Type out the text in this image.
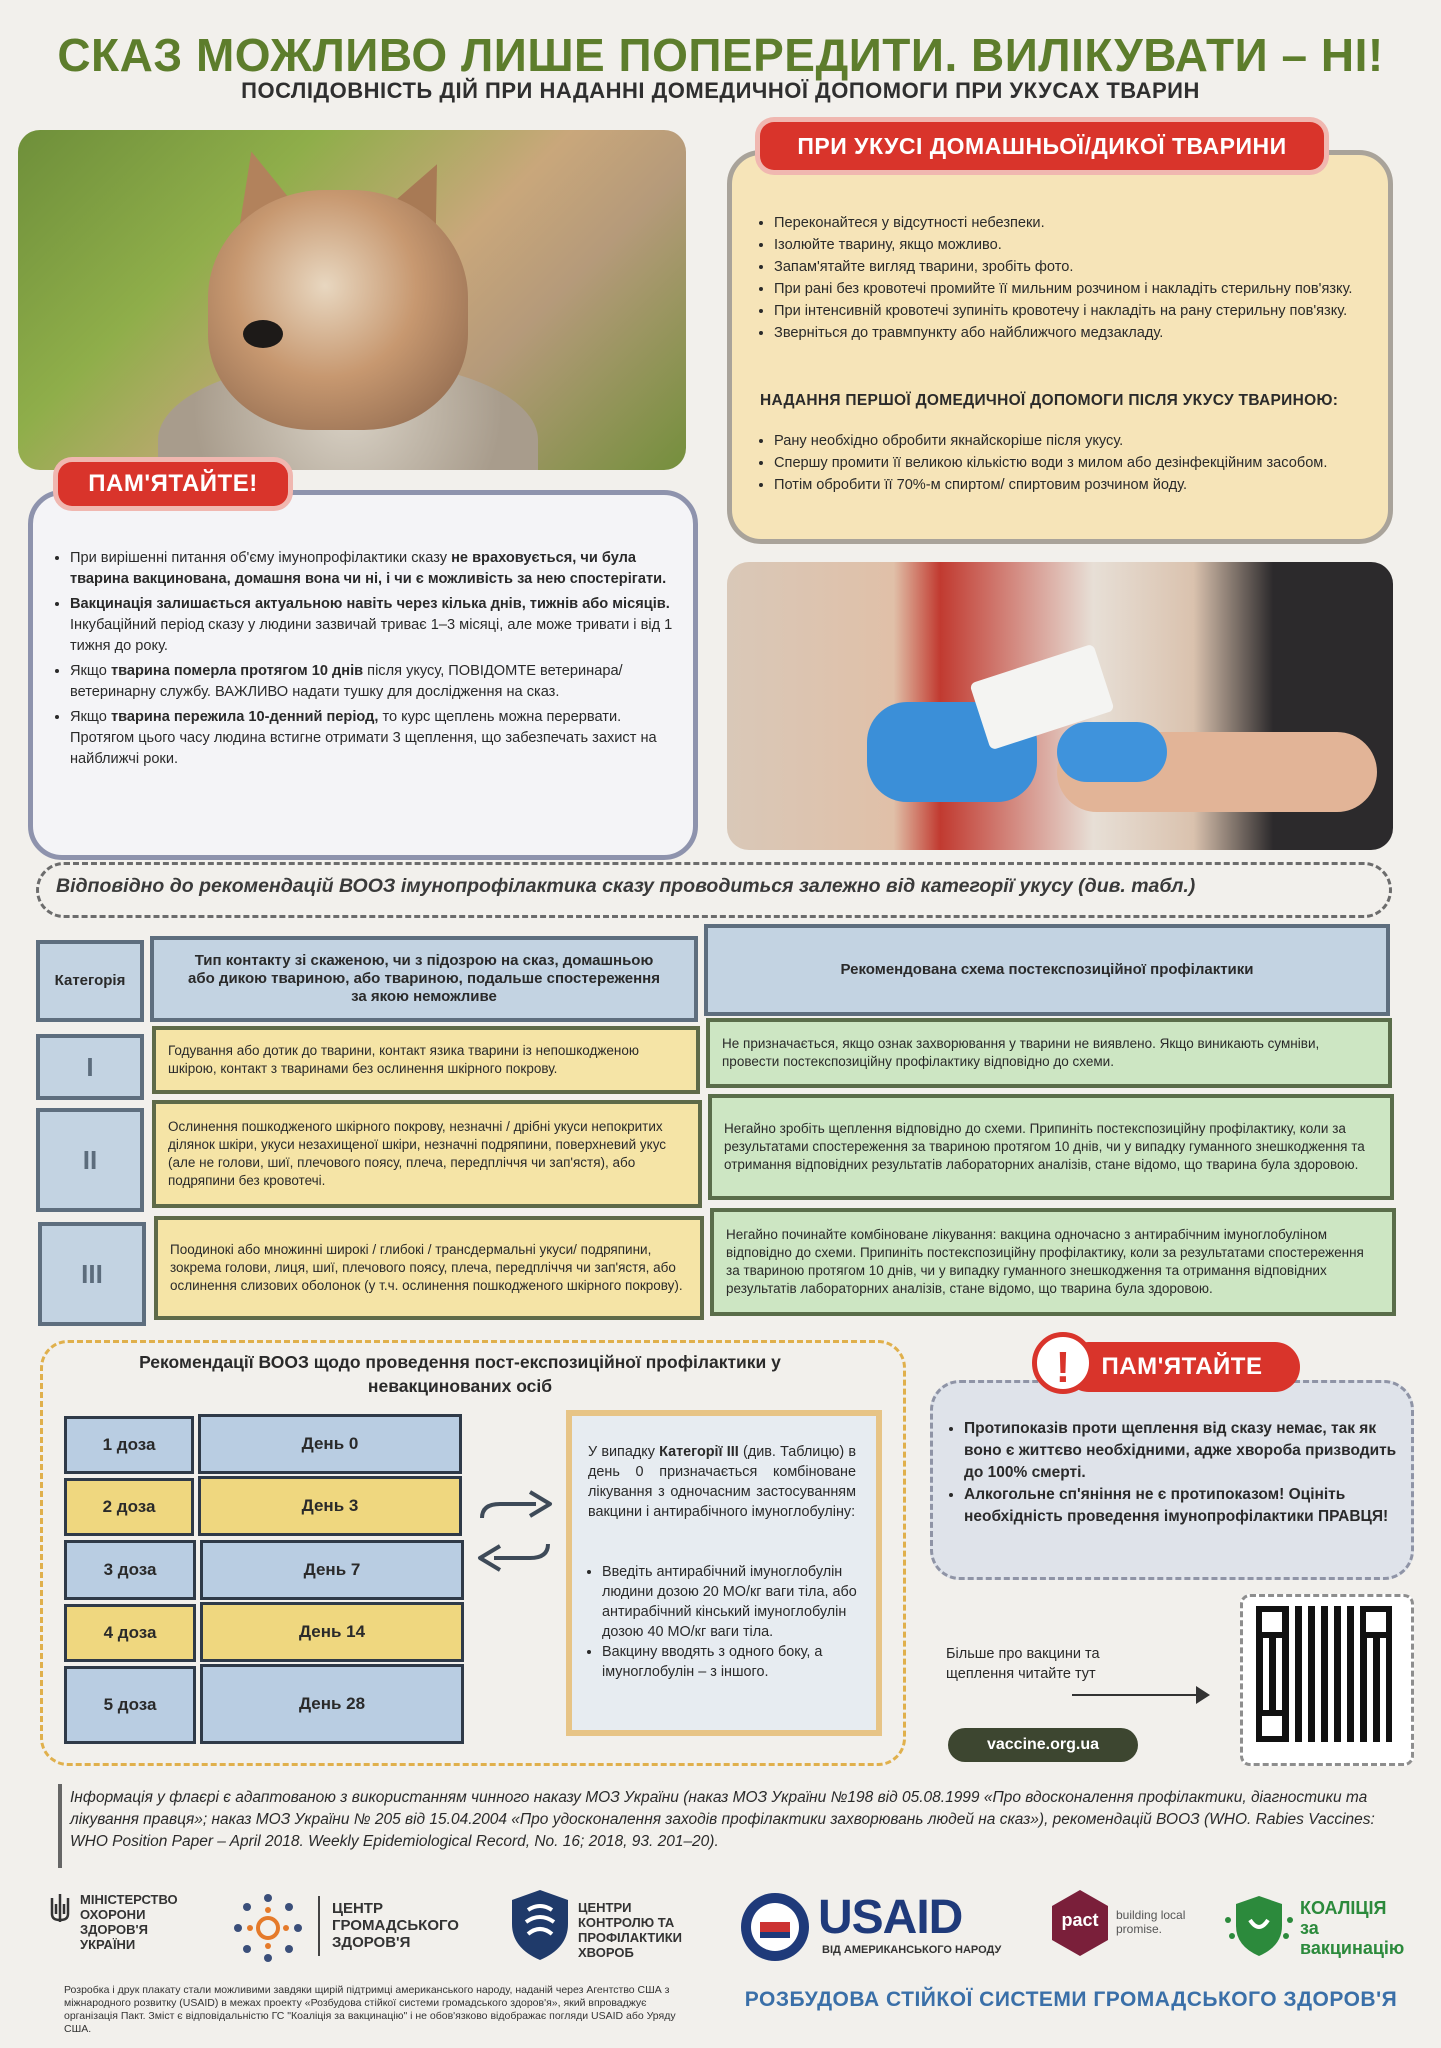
СКАЗ МОЖЛИВО ЛИШЕ ПОПЕРЕДИТИ. ВИЛІКУВАТИ – НІ!
ПОСЛІДОВНІСТЬ ДІЙ ПРИ НАДАННІ ДОМЕДИЧНОЇ ДОПОМОГИ ПРИ УКУСАХ ТВАРИН
ПРИ УКУСІ ДОМАШНЬОЇ/ДИКОЇ ТВАРИНИ
• Переконайтеся у відсутності небезпеки.
• Ізолюйте тварину, якщо можливо.
• Запам'ятайте вигляд тварини, зробіть фото.
• При рані без кровотечі промийте її мильним розчином і накладіть стерильну пов'язку.
• При інтенсивній кровотечі зупиніть кровотечу і накладіть на рану стерильну пов'язку.
• Зверніться до травмпункту або найближчого медзакладу.
НАДАННЯ ПЕРШОЇ ДОМЕДИЧНОЇ ДОПОМОГИ ПІСЛЯ УКУСУ ТВАРИНОЮ:
• Рану необхідно обробити якнайскоріше після укусу.
• Спершу промити її великою кількістю води з милом або дезінфекційним засобом.
• Потім обробити її 70%-м спиртом/ спиртовим розчином йоду.
ПАМ'ЯТАЙТЕ!
• При вирішенні питання об'єму імунопрофілактики сказу не враховується, чи була тварина вакцинована, домашня вона чи ні, і чи є можливість за нею спостерігати.
• Вакцинація залишається актуальною навіть через кілька днів, тижнів або місяців. Інкубаційний період сказу у людини зазвичай триває 1–3 місяці, але може тривати і від 1 тижня до року.
• Якщо тварина померла протягом 10 днів після укусу, ПОВІДОМТЕ ветеринара/ветеринарну службу. ВАЖЛИВО надати тушку для дослідження на сказ.
• Якщо тварина пережила 10-денний період, то курс щеплень можна перервати. Протягом цього часу людина встигне отримати 3 щеплення, що забезпечать захист на найближчі роки.
Відповідно до рекомендацій ВООЗ імунопрофілактика сказу проводиться залежно від категорії укусу (див. табл.)
Категорія
Тип контакту зі скаженою, чи з підозрою на сказ, домашньою або дикою твариною, або твариною, подальше спостереження за якою неможливе
Рекомендована схема постекспозиційної профілактики
I
Годування або дотик до тварини, контакт язика тварини із непошкодженою шкірою, контакт з тваринами без ослинення шкірного покрову.
Не призначається, якщо ознак захворювання у тварини не виявлено. Якщо виникають сумніви, провести постекспозиційну профілактику відповідно до схеми.
II
Ослинення пошкодженого шкірного покрову, незначні / дрібні укуси непокритих ділянок шкіри, укуси незахищеної шкіри, незначні подряпини, поверхневий укус (але не голови, шиї, плечового поясу, плеча, передпліччя чи зап'ястя), або подряпини без кровотечі.
Негайно зробіть щеплення відповідно до схеми. Припиніть постекспозиційну профілактику, коли за результатами спостереження за твариною протягом 10 днів, чи у випадку гуманного знешкодження та отримання відповідних результатів лабораторних аналізів, стане відомо, що тварина була здоровою.
III
Поодинокі або множинні широкі / глибокі / трансдермальні укуси/ подряпини, зокрема голови, лиця, шиї, плечового поясу, плеча, передпліччя чи зап'ястя, або ослинення слизових оболонок (у т.ч. ослинення пошкодженого шкірного покрову).
Негайно починайте комбіноване лікування: вакцина одночасно з антирабічним імуноглобуліном відповідно до схеми. Припиніть постекспозиційну профілактику, коли за результатами спостереження за твариною протягом 10 днів, чи у випадку гуманного знешкодження та отримання відповідних результатів лабораторних аналізів, стане відомо, що тварина була здоровою.
Рекомендації ВООЗ щодо проведення пост-експозиційної профілактики у невакцинованих осіб
1 доза	День 0
2 доза	День 3
3 доза	День 7
4 доза	День 14
5 доза	День 28
У випадку Категорії III (див. Таблицю) в день 0 призначається комбіноване лікування з одночасним застосуванням вакцини і антирабічного імуноглобуліну:
• Введіть антирабічний імуноглобулін людини дозою 20 МО/кг ваги тіла, або антирабічний кінський імуноглобулін дозою 40 МО/кг ваги тіла.
• Вакцину вводять з одного боку, а імуноглобулін – з іншого.
ПАМ'ЯТАЙТЕ
!
• Протипоказів проти щеплення від сказу немає, так як воно є життєво необхідними, адже хвороба призводить до 100% смерті.
• Алкогольне сп'яніння не є протипоказом! Оцініть необхідність проведення імунопрофілактики ПРАВЦЯ!
Більше про вакцини та щеплення читайте тут
vaccine.org.ua
Інформація у флаєрі є адаптованою з використанням чинного наказу МОЗ України (наказ МОЗ України №198 від 05.08.1999 «Про вдосконалення профілактики, діагностики та лікування правця»; наказ МОЗ України № 205 від 15.04.2004 «Про удосконалення заходів профілактики захворювань людей на сказ»), рекомендацій ВООЗ (WHO. Rabies Vaccines: WHO Position Paper – April 2018. Weekly Epidemiological Record, No. 16; 2018, 93. 201–20).
МІНІСТЕРСТВО ОХОРОНИ ЗДОРОВ'Я УКРАЇНИ
ЦЕНТР ГРОМАДСЬКОГО ЗДОРОВ'Я
ЦЕНТРИ КОНТРОЛЮ ТА ПРОФІЛАКТИКИ ХВОРОБ
USAID
ВІД АМЕРИКАНСЬКОГО НАРОДУ
pact	building local promise.
КОАЛІЦІЯ за вакцинацію
Розробка і друк плакату стали можливими завдяки щирій підтримці американського народу, наданій через Агентство США з міжнародного розвитку (USAID) в межах проекту «Розбудова стійкої системи громадського здоров'я», який впроваджує організація Пакт. Зміст є відповідальністю ГС "Коаліція за вакцинацію" і не обов'язково відображає погляди USAID або Уряду США.
РОЗБУДОВА СТІЙКОЇ СИСТЕМИ ГРОМАДСЬКОГО ЗДОРОВ'Я
